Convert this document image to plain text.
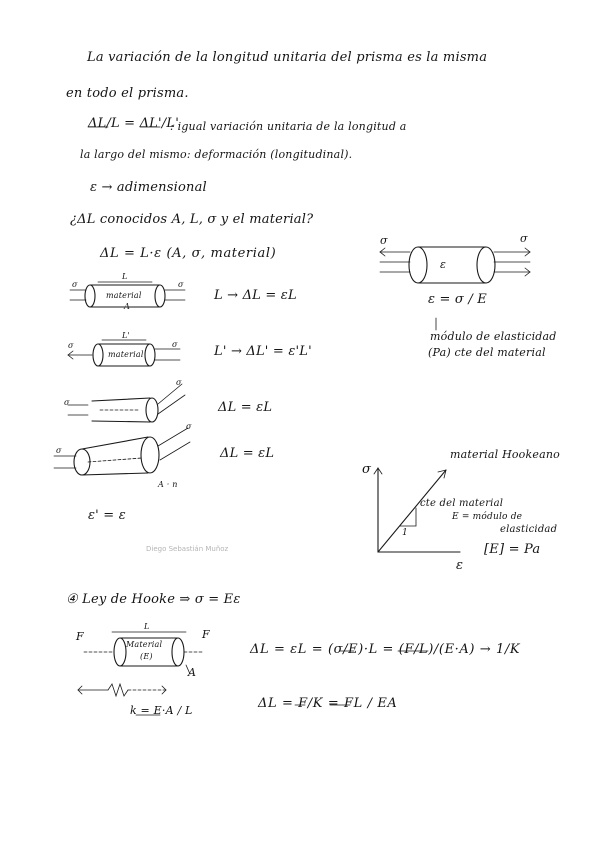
La variación de la longitud unitaria del prisma es la misma
en todo el prisma.
ΔL/L = ΔL'/L'
: igual variación unitaria de la longitud a
la largo del mismo: deformación (longitudinal).
ε → adimensional
¿ΔL conocidos A, L, σ y el material?
ΔL = L·ε (A, σ, material)
σ	σ
ε
ε = σ / E
módulo de elasticidad
(Pa) cte del material
σ	σ
material
L
A
L → ΔL = εL
σ	σ
material
L'
L' → ΔL' = ε'L'
σ
σ
ΔL = εL
σ
σ
A · n
ΔL = εL
ε' = ε
σ
ε
material Hookeano
cte del material
E = módulo de
elasticidad
1
[E] = Pa
Diego Sebastián Muñoz
④ Ley de Hooke ⇒ σ = Eε
F	F
L
Material
(E)
A
ΔL = εL = (σ/E)·L = (F/L)/(E·A) → 1/K
k = E·A / L	ΔL = F/K = FL / EA
